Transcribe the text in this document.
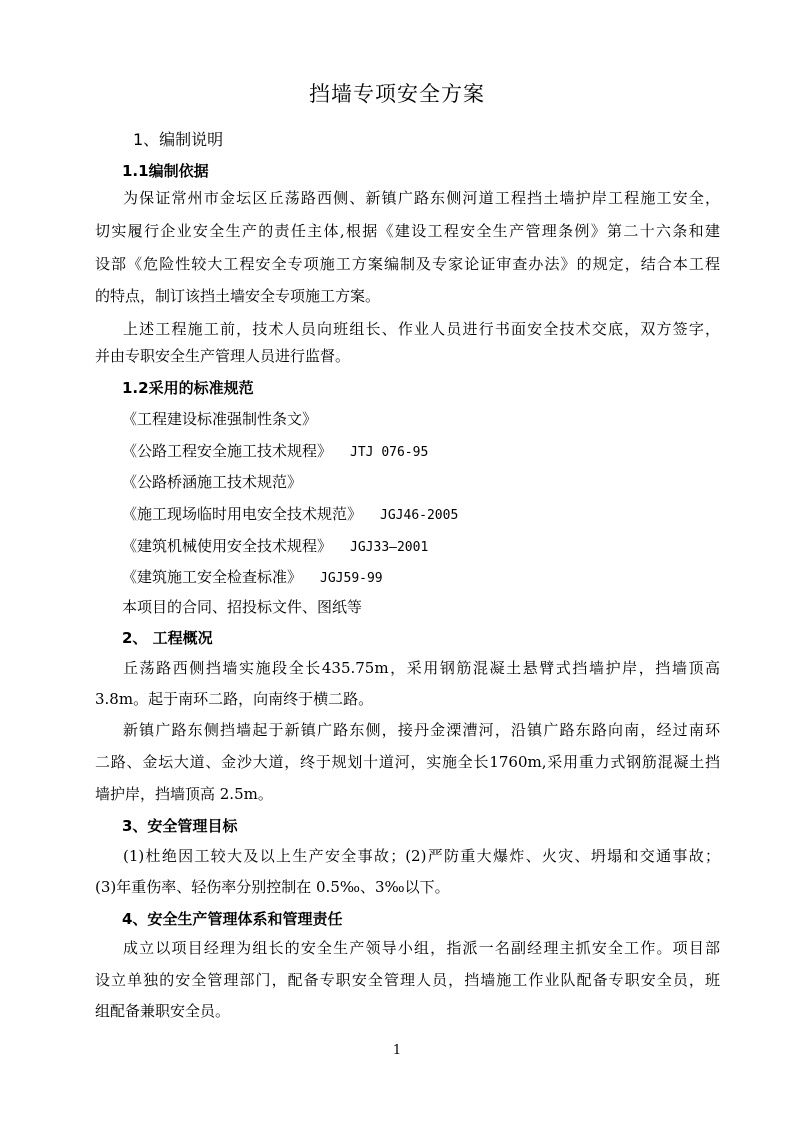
挡墙专项安全方案
1、编制说明
1.1编制依据
为保证常州市金坛区丘荡路西侧、新镇广路东侧河道工程挡土墙护岸工程施工安全，
切实履行企业安全生产的责任主体,根据《建设工程安全生产管理条例》第二十六条和建
设部《危险性较大工程安全专项施工方案编制及专家论证审查办法》的规定，结合本工程
的特点，制订该挡土墙安全专项施工方案。
上述工程施工前，技术人员向班组长、作业人员进行书面安全技术交底，双方签字，
并由专职安全生产管理人员进行监督。
1.2采用的标准规范
《工程建设标准强制性条文》
《公路工程安全施工技术规程》 JTJ 076-95
《公路桥涵施工技术规范》
《施工现场临时用电安全技术规范》 JGJ46-2005
《建筑机械使用安全技术规程》 JGJ33—2001
《建筑施工安全检查标准》 JGJ59-99
本项目的合同、招投标文件、图纸等
2、 工程概况
丘荡路西侧挡墙实施段全长435.75m，采用钢筋混凝土悬臂式挡墙护岸，挡墙顶高
3.8m。起于南环二路，向南终于横二路。
新镇广路东侧挡墙起于新镇广路东侧，接丹金溧漕河，沿镇广路东路向南，经过南环
二路、金坛大道、金沙大道，终于规划十道河，实施全长1760m,采用重力式钢筋混凝土挡
墙护岸，挡墙顶高 2.5m。
3、安全管理目标
(1)杜绝因工较大及以上生产安全事故；(2)严防重大爆炸、火灾、坍塌和交通事故；
(3)年重伤率、轻伤率分别控制在 0.5‰、3‰以下。
4、安全生产管理体系和管理责任
成立以项目经理为组长的安全生产领导小组，指派一名副经理主抓安全工作。项目部
设立单独的安全管理部门，配备专职安全管理人员，挡墙施工作业队配备专职安全员，班
组配备兼职安全员。
1
